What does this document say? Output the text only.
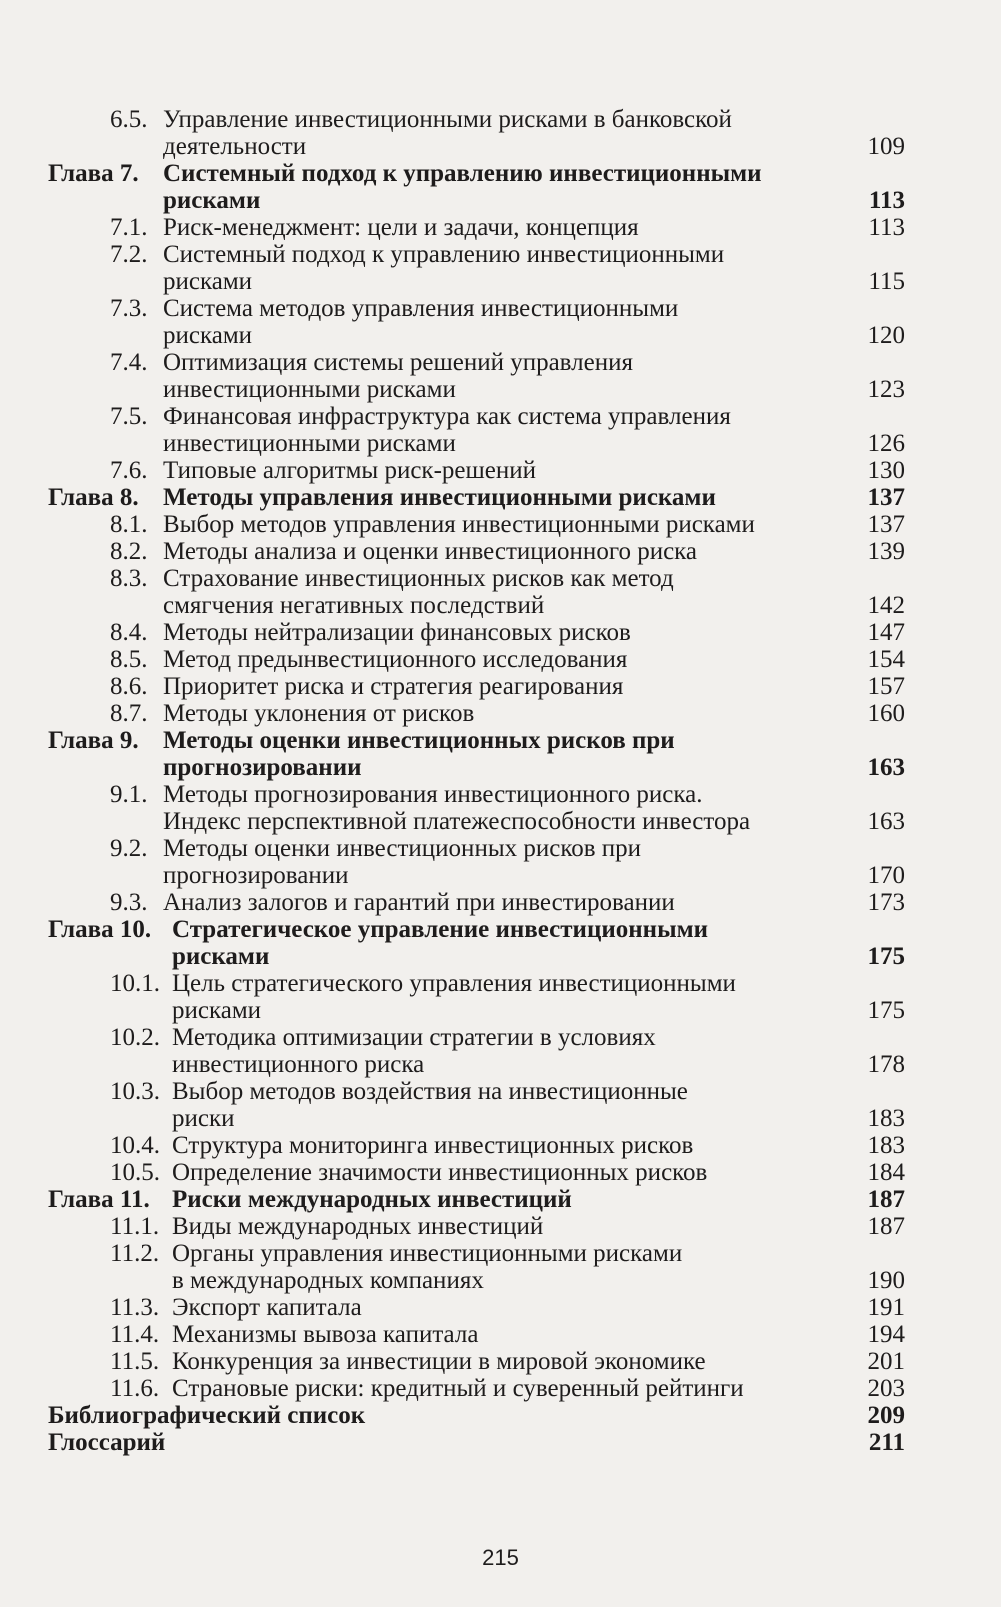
6.5. Управление инвестиционными рисками в банковской
деятельности	109
Глава 7. Системный подход к управлению инвестиционными
рисками	113
7.1. Риск-менеджмент: цели и задачи, концепция	113
7.2. Системный подход к управлению инвестиционными
рисками	115
7.3. Система методов управления инвестиционными
рисками	120
7.4. Оптимизация системы решений управления
инвестиционными рисками	123
7.5. Финансовая инфраструктура как система управления
инвестиционными рисками	126
7.6. Типовые алгоритмы риск-решений	130
Глава 8. Методы управления инвестиционными рисками	137
8.1. Выбор методов управления инвестиционными рисками	137
8.2. Методы анализа и оценки инвестиционного риска	139
8.3. Страхование инвестиционных рисков как метод
смягчения негативных последствий	142
8.4. Методы нейтрализации финансовых рисков	147
8.5. Метод предынвестиционного исследования	154
8.6. Приоритет риска и стратегия реагирования	157
8.7. Методы уклонения от рисков	160
Глава 9. Методы оценки инвестиционных рисков при
прогнозировании	163
9.1. Методы прогнозирования инвестиционного риска.
Индекс перспективной платежеспособности инвестора	163
9.2. Методы оценки инвестиционных рисков при
прогнозировании	170
9.3. Анализ залогов и гарантий при инвестировании	173
Глава 10. Стратегическое управление инвестиционными
рисками	175
10.1. Цель стратегического управления инвестиционными
рисками	175
10.2. Методика оптимизации стратегии в условиях
инвестиционного риска	178
10.3. Выбор методов воздействия на инвестиционные
риски	183
10.4. Структура мониторинга инвестиционных рисков	183
10.5. Определение значимости инвестиционных рисков	184
Глава 11. Риски международных инвестиций	187
11.1. Виды международных инвестиций	187
11.2. Органы управления инвестиционными рисками
в международных компаниях	190
11.3. Экспорт капитала	191
11.4. Механизмы вывоза капитала	194
11.5. Конкуренция за инвестиции в мировой экономике	201
11.6. Страновые риски: кредитный и суверенный рейтинги	203
Библиографический список	209
Глоссарий	211
215
